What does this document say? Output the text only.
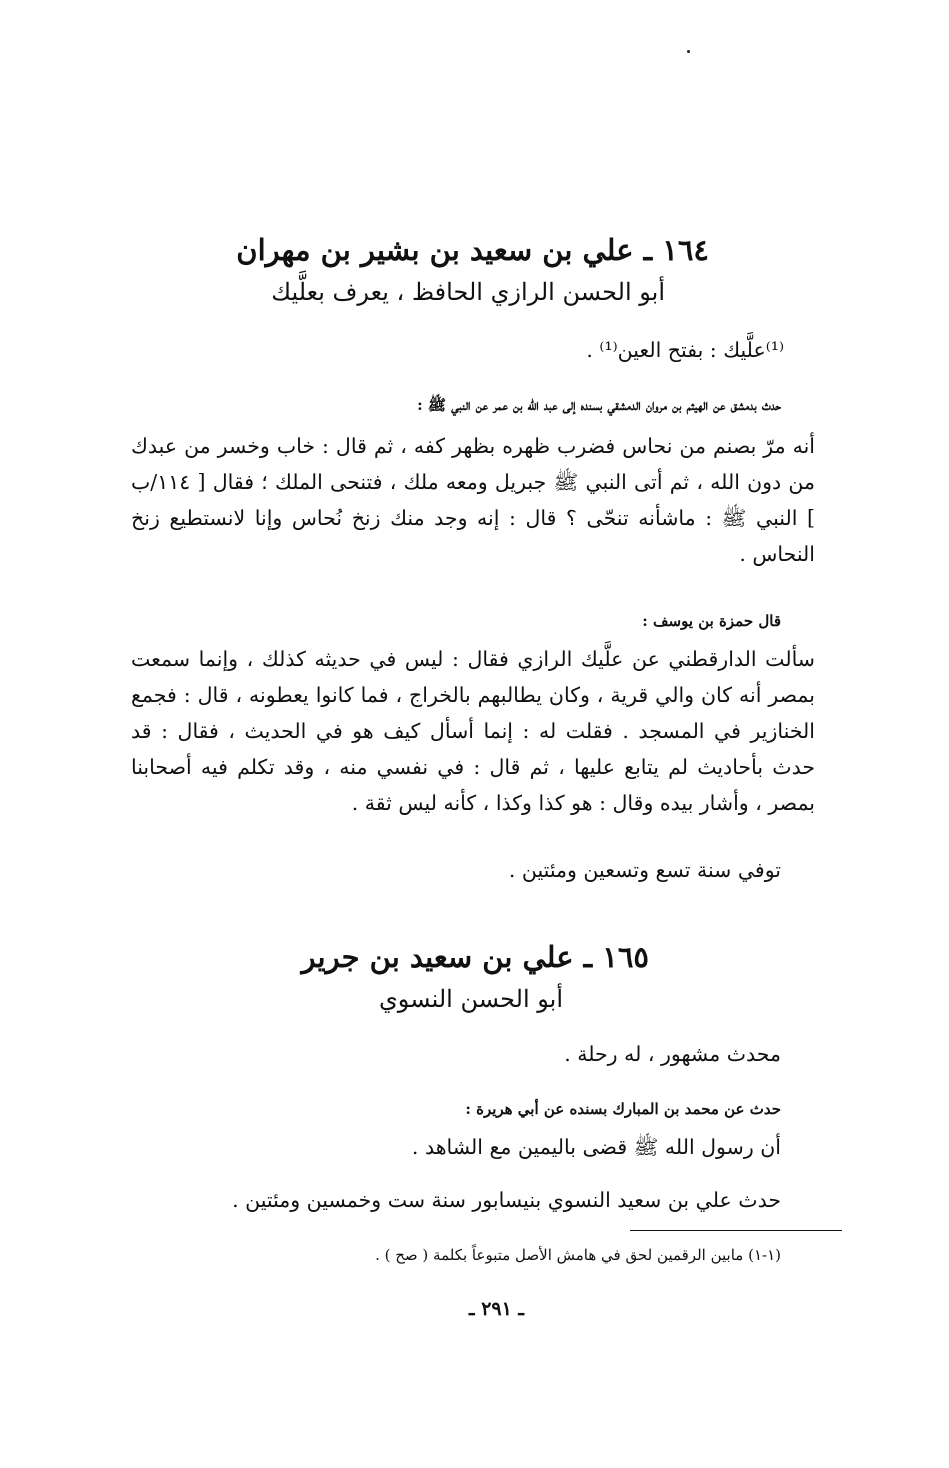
١٦٤ ـ علي بن سعيد بن بشير بن مهران
أبو الحسن الرازي الحافظ ، يعرف بعلَّيك
⁽¹⁾علَّيك : بفتح العين⁽¹⁾ .
حدث بدمشق عن الهيثم بن مروان الدمشقي بسنده إلى عبد الله بن عمر عن النبي ﷺ :
أنه مرّ بصنم من نحاس فضرب ظهره بظهر كفه ، ثم قال : خاب وخسر من عبدك من دون الله ، ثم أتى النبي ﷺ جبريل ومعه ملك ، فتنحى الملك ؛ فقال [ ١١٤/ب ] النبي ﷺ : ماشأنه تنحّى ؟ قال : إنه وجد منك زنخ نُحاس وإنا لانستطيع زنخ النحاس .
قال حمزة بن يوسف :
سألت الدارقطني عن علَّيك الرازي فقال : ليس في حديثه كذلك ، وإنما سمعت بمصر أنه كان والي قرية ، وكان يطالبهم بالخراج ، فما كانوا يعطونه ، قال : فجمع الخنازير في المسجد . فقلت له : إنما أسأل كيف هو في الحديث ، فقال : قد حدث بأحاديث لم يتابع عليها ، ثم قال : في نفسي منه ، وقد تكلم فيه أصحابنا بمصر ، وأشار بيده وقال : هو كذا وكذا ، كأنه ليس ثقة .
توفي سنة تسع وتسعين ومئتين .
١٦٥ ـ علي بن سعيد بن جرير
أبو الحسن النسوي
محدث مشهور ، له رحلة .
حدث عن محمد بن المبارك بسنده عن أبي هريرة :
أن رسول الله ﷺ قضى باليمين مع الشاهد .
حدث علي بن سعيد النسوي بنيسابور سنة ست وخمسين ومئتين .
(١-١) مابين الرقمين لحق في هامش الأصل متبوعاً بكلمة ( صح ) .
ـ ٢٩١ ـ
